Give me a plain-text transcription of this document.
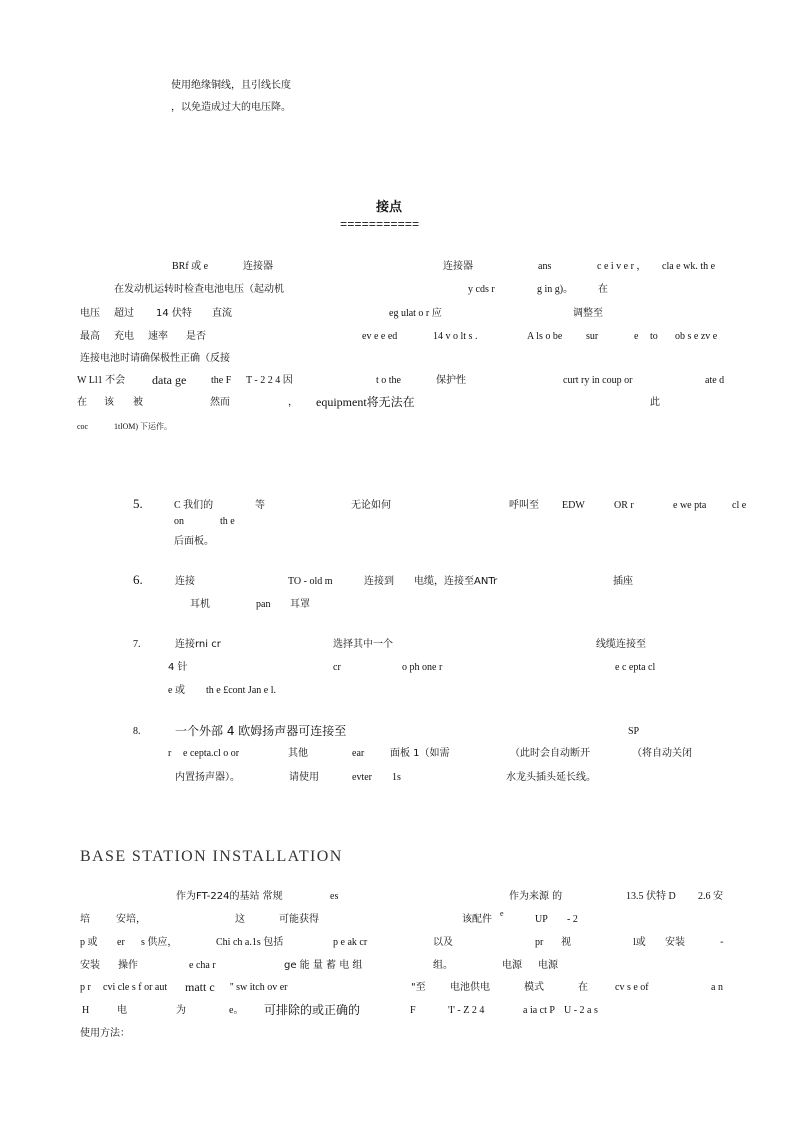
使用绝缘铜线，且引线长度
，以免造成过大的电压降。
接点
===========
BRf 或 e	连接器	连接器	ans	c e i v e r ， cla e wk. th e
在发动机运转时检查电池电压（起动机	y cds r	g in g)。 在
电压 超过 14 伏特 直流	eg ulat o r 应	调整至
最高 充电 速率 是否	ev e e ed	14 v o lt s .	A ls o be sur	e to ob s e zv e
连接电池时请确保极性正确（反接
W Ll1 不会 data ge the F T - 2 2 4 因	t o the	保护性	curt ry in coup or	ate d
在 该 被	然而	， equipment将无法在	此
coc	1tlOM) 下运作。
5.	C 我们的	等	无论如何	呼叫至 EDW	OR r	e we pta	cl e
on	th e
后面板。
6.	连接	TO - old m	连接到 电缆，连接至ANTr	插座
耳机	pan 耳罩
7.	连接rni cr	选择其中一个	线缆连接至
4 针	cr	o ph one r	e c epta cl
e 或 th e £cont Jan e l.
8.	一个外部 4 欧姆扬声器可连接至	SP
r e cepta.cl o or	其他	ear	面板 1（如需	（此时会自动断开	（将自动关闭
内置扬声器）。	请使用	evter 1s	水龙头插头延长线。
BASE STATION INSTALLATION
作为FT-224的基站 常规	es	作为来源 的	13.5 伏特 D 2.6 安
培	安培，	这	可能获得	该配件
e
UP - 2
p 或 er s 供应，	Chi ch a.1s 包括	p e ak cr	以及	pr 视	l或 安装	-
安装 操作	e cha r	ge 能 量 蓄 电 组	组。	电源 电源
p r cvi cle s f or aut matt c '' sw itch ov er	"至 电池供电	模式	在	cv s e of	a n
H	电	为	e。 可排除的或正确的	F	'I' - Z 2 4	a ia ct P U - 2 a s
使用方法：
